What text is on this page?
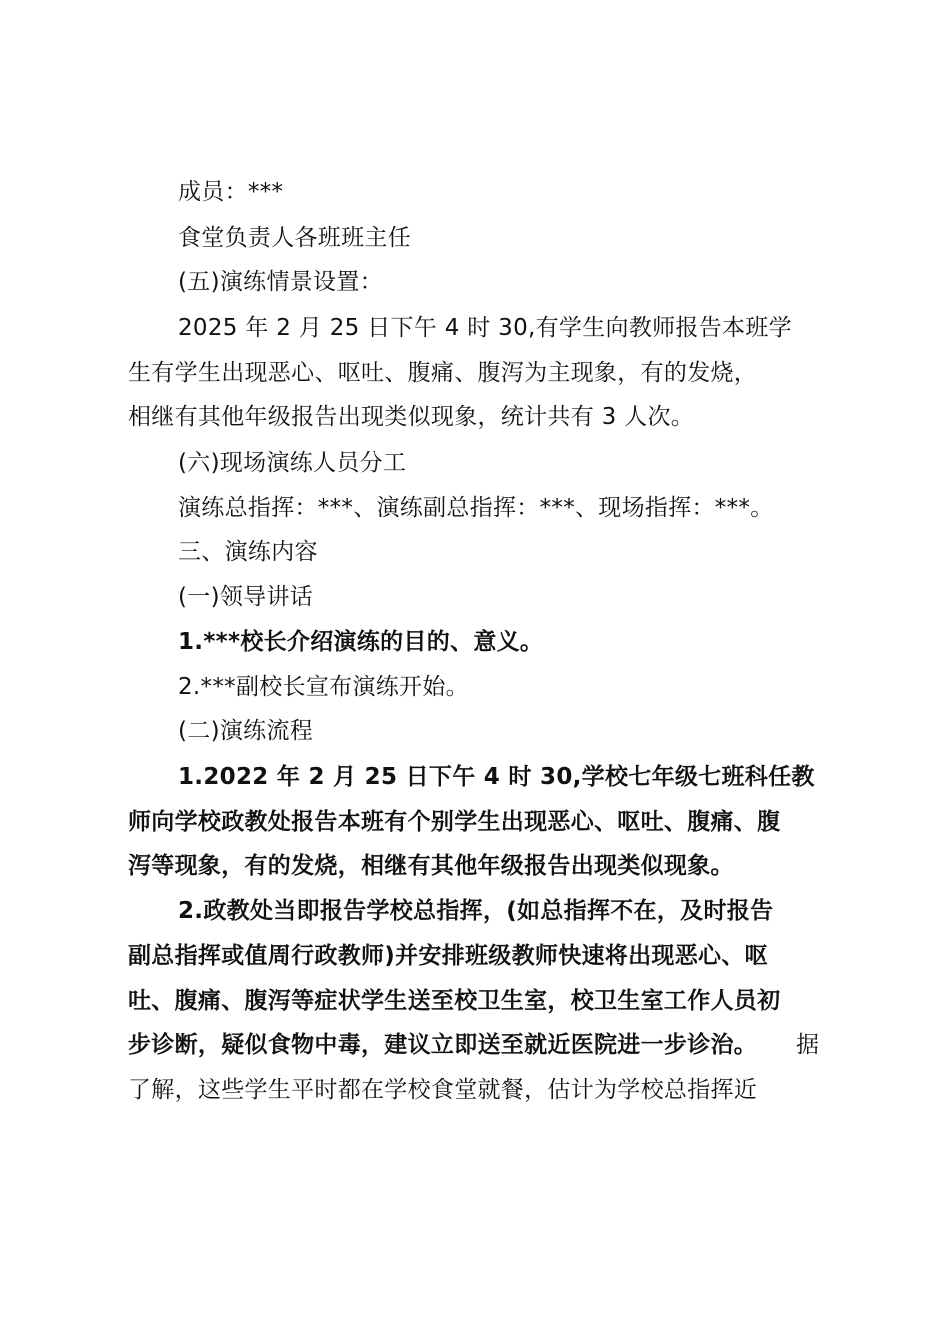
成员：***
食堂负责人各班班主任
(五)演练情景设置：
2025 年 2 月 25 日下午 4 时 30,有学生向教师报告本班学
生有学生出现恶心、呕吐、腹痛、腹泻为主现象，有的发烧，
相继有其他年级报告出现类似现象，统计共有 3 人次。
(六)现场演练人员分工
演练总指挥：***、演练副总指挥：***、现场指挥：***。
三、演练内容
(一)领导讲话
1.***校长介绍演练的目的、意义。
2.***副校长宣布演练开始。
(二)演练流程
1.2022 年 2 月 25 日下午 4 时 30,学校七年级七班科任教
师向学校政教处报告本班有个别学生出现恶心、呕吐、腹痛、腹
泻等现象，有的发烧，相继有其他年级报告出现类似现象。
2.政教处当即报告学校总指挥，(如总指挥不在，及时报告
副总指挥或值周行政教师)并安排班级教师快速将出现恶心、呕
吐、腹痛、腹泻等症状学生送至校卫生室，校卫生室工作人员初
步诊断，疑似食物中毒，建议立即送至就近医院进一步诊治。 据
了解，这些学生平时都在学校食堂就餐，估计为学校总指挥近
